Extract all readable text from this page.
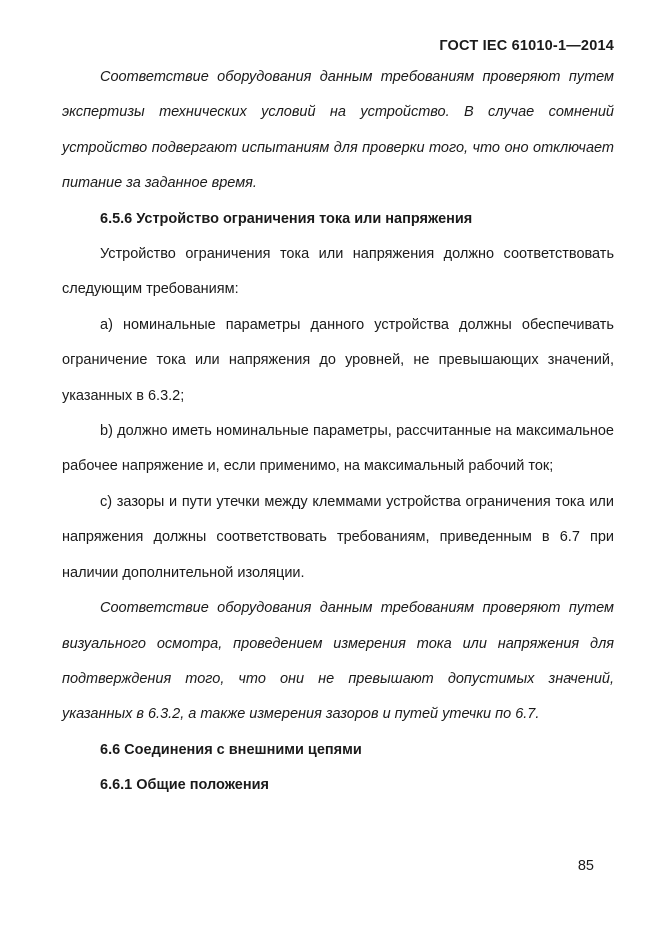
ГОСТ IEC 61010-1—2014

Соответствие оборудования данным требованиям проверяют путем экспертизы технических условий на устройство. В случае сомнений устройство подвергают испытаниям для проверки того, что оно отключает питание за заданное время.

6.5.6 Устройство ограничения тока или напряжения

Устройство ограничения тока или напряжения должно соответствовать следующим требованиям:

a) номинальные параметры данного устройства должны обеспечивать ограничение тока или напряжения до уровней, не превышающих значений, указанных в 6.3.2;

b) должно иметь номинальные параметры, рассчитанные на максимальное рабочее напряжение и, если применимо, на максимальный рабочий ток;

c) зазоры и пути утечки между клеммами устройства ограничения тока или напряжения должны соответствовать требованиям, приведенным в 6.7 при наличии дополнительной изоляции.

Соответствие оборудования данным требованиям проверяют путем визуального осмотра, проведением измерения тока или напряжения для подтверждения того, что они не превышают допустимых значений, указанных в 6.3.2, а также измерения зазоров и путей утечки по 6.7.

6.6 Соединения с внешними цепями

6.6.1 Общие положения

85
